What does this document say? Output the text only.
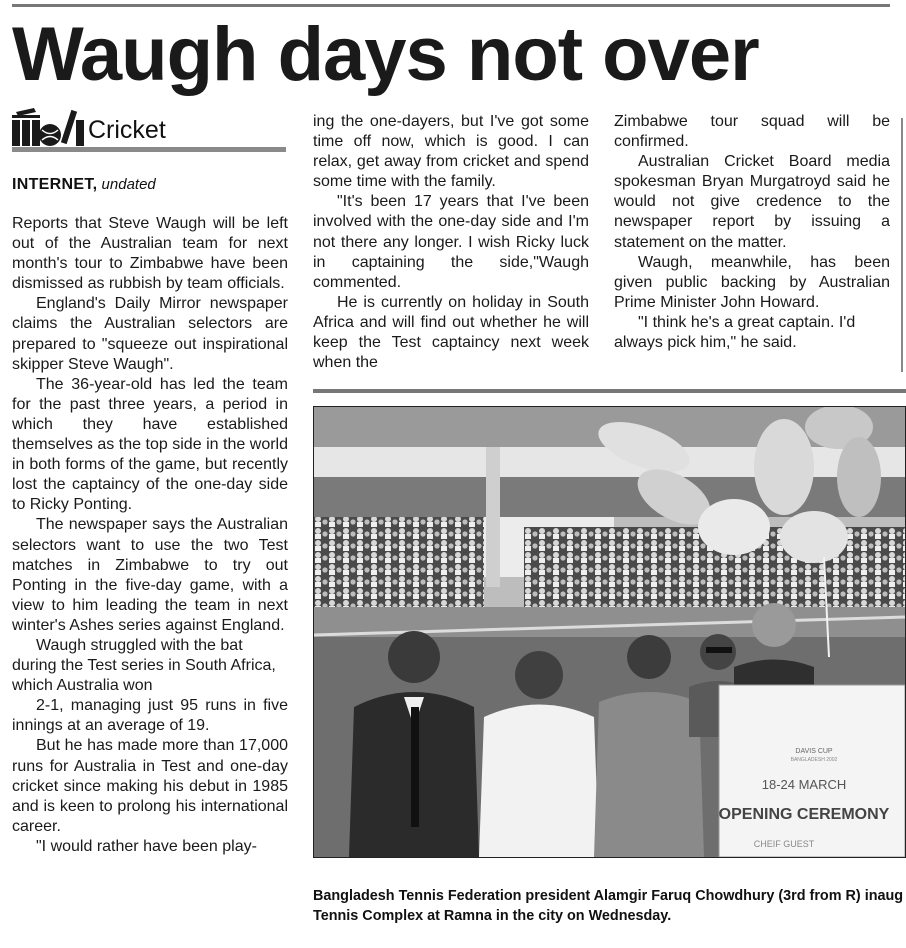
Waugh days not over
Cricket
INTERNET, undated

Reports that Steve Waugh will be left out of the Australian team for next month's tour to Zimbabwe have been dismissed as rubbish by team officials.

England's Daily Mirror newspaper claims the Australian selectors are prepared to "squeeze out inspirational skipper Steve Waugh".

The 36-year-old has led the team for the past three years, a period in which they have established themselves as the top side in the world in both forms of the game, but recently lost the captaincy of the one-day side to Ricky Ponting.

The newspaper says the Australian selectors want to use the two Test matches in Zimbabwe to try out Ponting in the five-day game, with a view to him leading the team in next winter's Ashes series against England.

Waugh struggled with the bat during the Test series in South Africa, which Australia won

2-1, managing just 95 runs in five innings at an average of 19.

But he has made more than 17,000 runs for Australia in Test and one-day cricket since making his debut in 1985 and is keen to prolong his international career.

"I would rather have been play-

ing the one-dayers, but I've got some time off now, which is good. I can relax, get away from cricket and spend some time with the family.

"It's been 17 years that I've been involved with the one-day side and I'm not there any longer. I wish Ricky luck in captaining the side,"Waugh commented.

He is currently on holiday in South Africa and will find out whether he will keep the Test captaincy next week when the

Zimbabwe tour squad will be confirmed.

Australian Cricket Board media spokesman Bryan Murgatroyd said he would not give credence to the newspaper report by issuing a statement on the matter.

Waugh, meanwhile, has been given public backing by Australian Prime Minister John Howard.

"I think he's a great captain. I'd always pick him," he said.

DAVIS CUP
BANGLADESH 2002
18-24 MARCH
OPENING CEREMONY
CHEIF GUEST

Bangladesh Tennis Federation president Alamgir Faruq Chowdhury (3rd from R) inaug
Tennis Complex at Ramna in the city on Wednesday.
